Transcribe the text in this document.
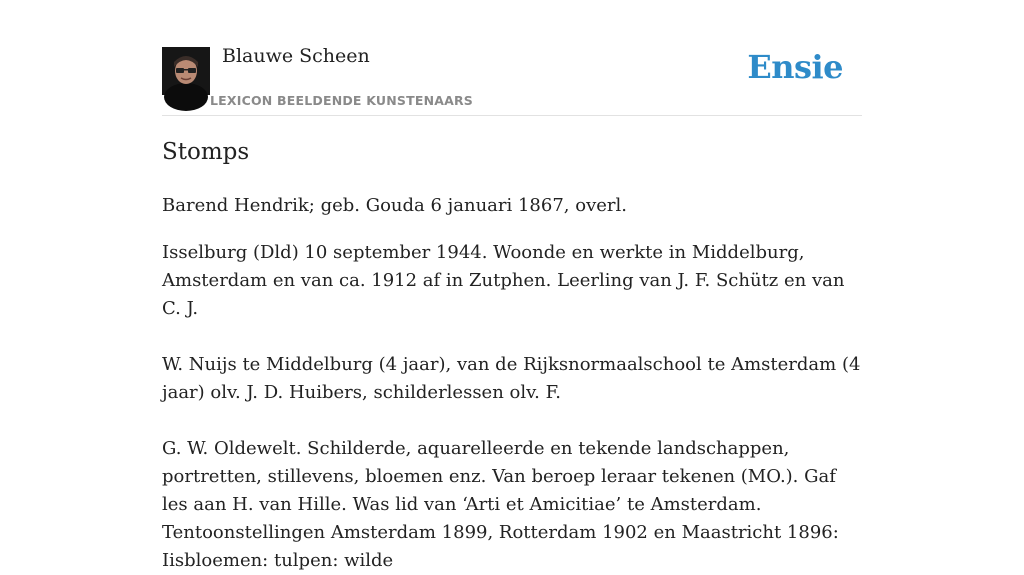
Blauwe Scheen
LEXICON BEELDENDE KUNSTENAARS
Ensie
Stomps

Barend Hendrik; geb. Gouda 6 januari 1867, overl.

Isselburg (Dld) 10 september 1944. Woonde en werkte in Middelburg, Amsterdam en van ca. 1912 af in Zutphen. Leerling van J. F. Schütz en van C. J.

W. Nuijs te Middelburg (4 jaar), van de Rijksnormaalschool te Amsterdam (4 jaar) olv. J. D. Huibers, schilderlessen olv. F.

G. W. Oldewelt. Schilderde, aquarelleerde en tekende landschappen, portretten, stillevens, bloemen enz. Van beroep leraar tekenen (MO.). Gaf les aan H. van Hille. Was lid van ‘Arti et Amicitiae’ te Amsterdam. Tentoonstellingen Amsterdam 1899, Rotterdam 1902 en Maastricht 1896: Iisbloemen: tulpen: wilde
